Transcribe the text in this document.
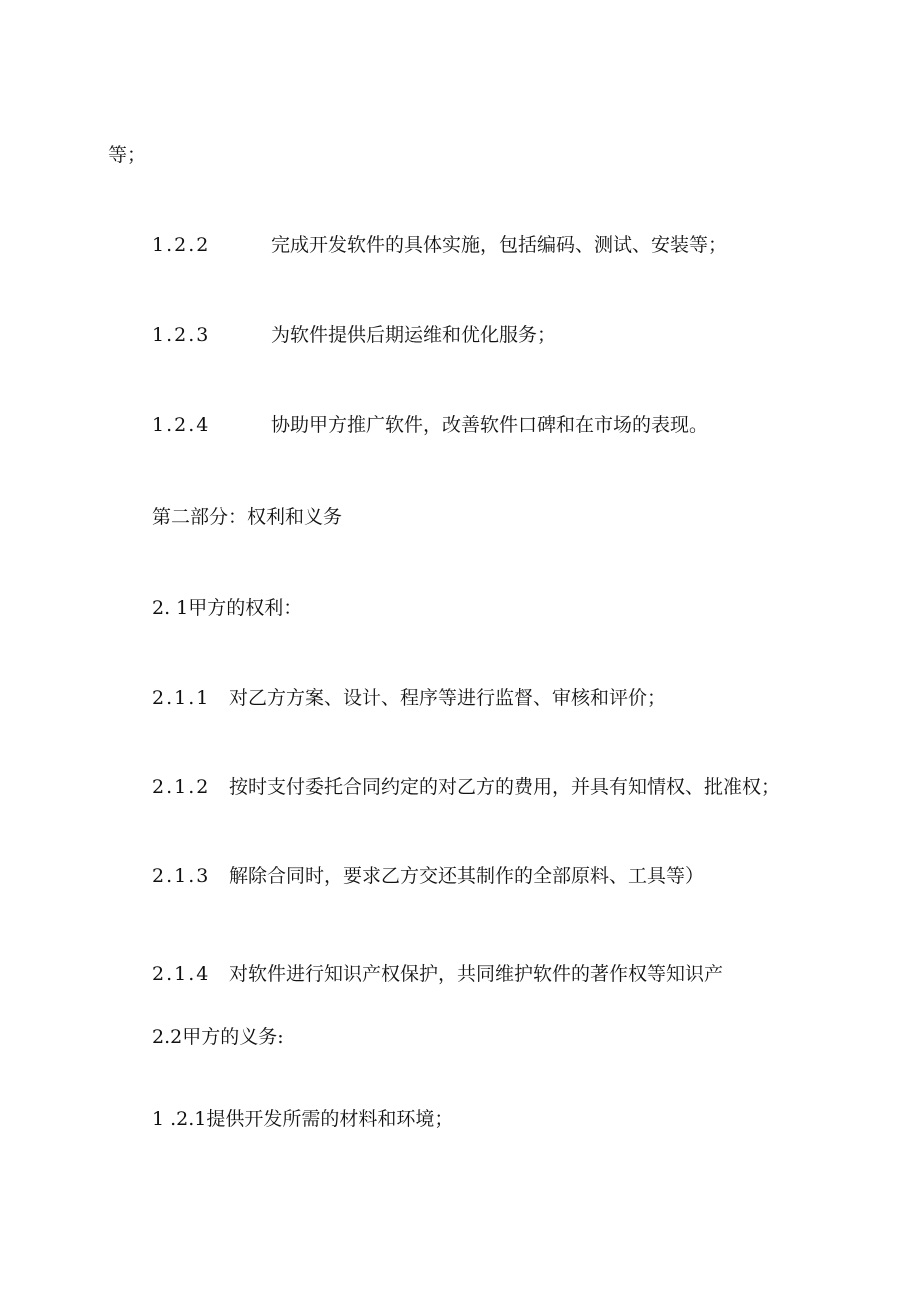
等；
1.2.2	完成开发软件的具体实施，包括编码、测试、安装等；
1.2.3	为软件提供后期运维和优化服务；
1.2.4	协助甲方推广软件，改善软件口碑和在市场的表现。
第二部分：权利和义务
2. 1甲方的权利：
2.1.1 对乙方方案、设计、程序等进行监督、审核和评价；
2.1.2 按时支付委托合同约定的对乙方的费用，并具有知情权、批准权；
2.1.3 解除合同时，要求乙方交还其制作的全部原料、工具等）
2.1.4 对软件进行知识产权保护，共同维护软件的著作权等知识产
2.2甲方的义务:
1 .2.1提供开发所需的材料和环境；
